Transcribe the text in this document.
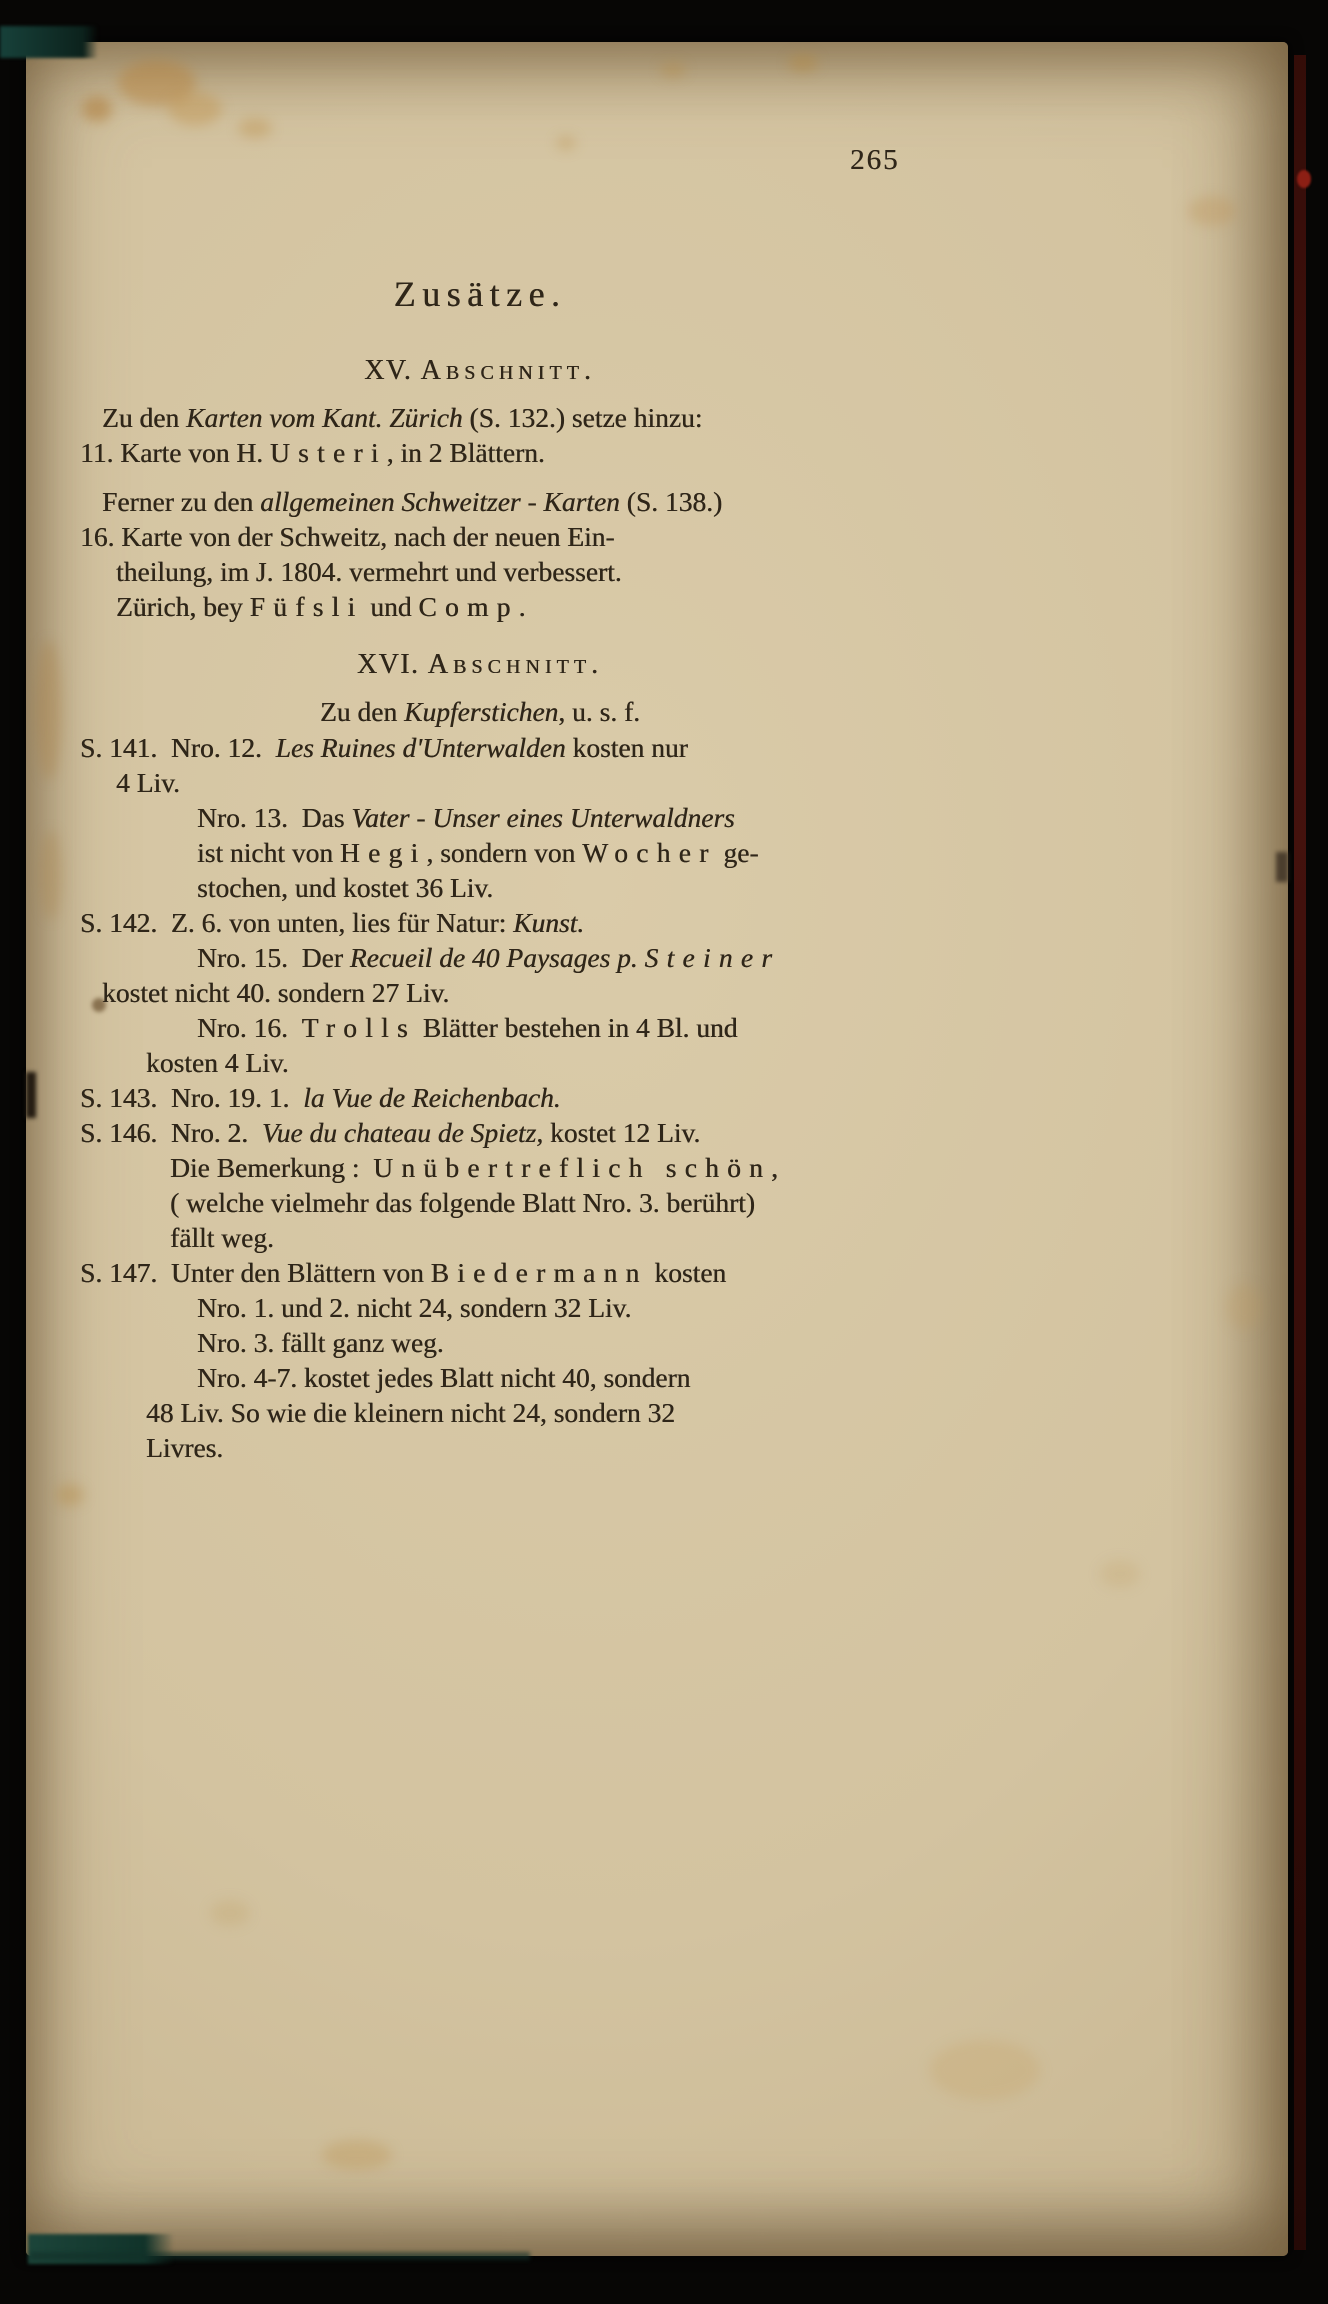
265
Zusätze.
XV. Abschnitt.
Zu den Karten vom Kant. Zürich (S. 132.) setze hinzu:
11. Karte von H. Usteri, in 2 Blättern.
Ferner zu den allgemeinen Schweitzer - Karten (S. 138.)
16. Karte von der Schweitz, nach der neuen Ein-
theilung, im J. 1804. vermehrt und verbessert.
Zürich, bey Füfsli und Comp.
XVI. Abschnitt.
Zu den Kupferstichen, u. s. f.
S. 141.  Nro. 12.  Les Ruines d'Unterwalden kosten nur
4 Liv.
Nro. 13.  Das Vater - Unser eines Unterwaldners
ist nicht von Hegi, sondern von Wocher ge-
stochen, und kostet 36 Liv.
S. 142.  Z. 6. von unten, lies für Natur: Kunst.
Nro. 15.  Der Recueil de 40 Paysages p. Steiner
kostet nicht 40. sondern 27 Liv.
Nro. 16.  Trolls Blätter bestehen in 4 Bl. und
kosten 4 Liv.
S. 143.  Nro. 19. 1.  la Vue de Reichenbach.
S. 146.  Nro. 2.  Vue du chateau de Spietz, kostet 12 Liv.
Die Bemerkung :  Unübertreflich schön,
( welche vielmehr das folgende Blatt Nro. 3. berührt)
fällt weg.
S. 147.  Unter den Blättern von Biedermann kosten
Nro. 1. und 2. nicht 24, sondern 32 Liv.
Nro. 3. fällt ganz weg.
Nro. 4-7. kostet jedes Blatt nicht 40, sondern
48 Liv. So wie die kleinern nicht 24, sondern 32
Livres.
